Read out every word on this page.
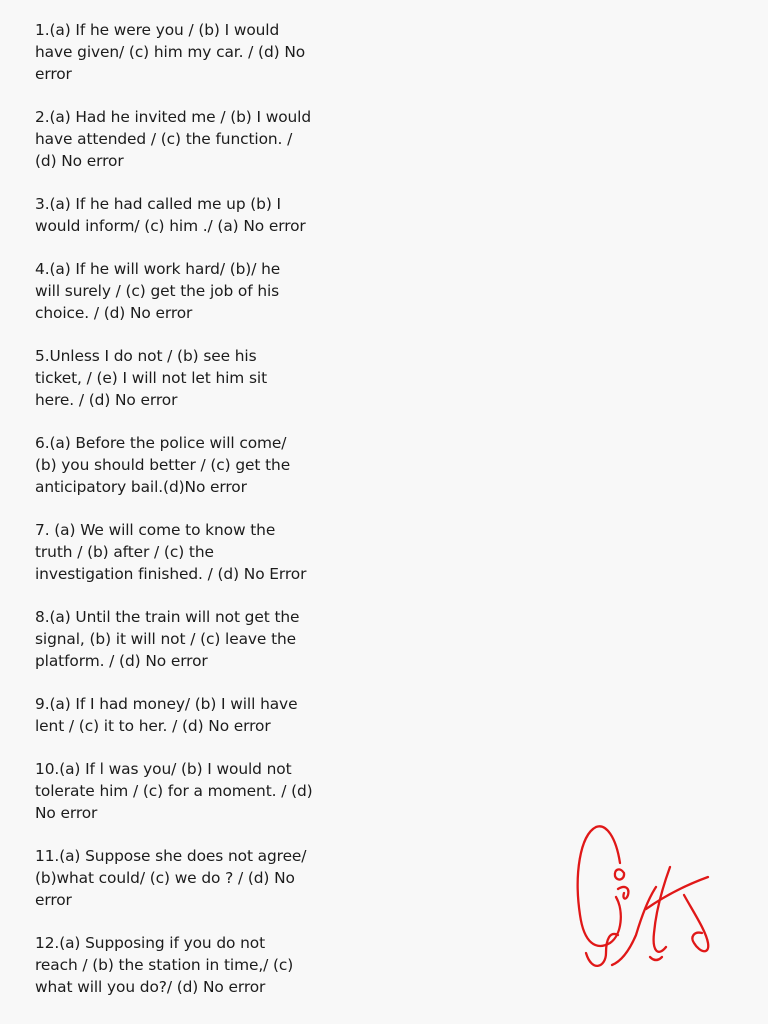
1.(a) If he were you / (b) I would
have given/ (c) him my car. / (d) No
error

2.(a) Had he invited me / (b) I would
have attended / (c) the function. /
(d) No error

3.(a) If he had called me up (b) I
would inform/ (c) him ./ (a) No error

4.(a) If he will work hard/ (b)/ he
will surely / (c) get the job of his
choice. / (d) No error

5.Unless I do not / (b) see his
ticket, / (e) I will not let him sit
here. / (d) No error

6.(a) Before the police will come/
(b) you should better / (c) get the
anticipatory bail.(d)No error

7. (a) We will come to know the
truth / (b) after / (c) the
investigation finished. / (d) No Error

8.(a) Until the train will not get the
signal, (b) it will not / (c) leave the
platform. / (d) No error

9.(a) If I had money/ (b) I will have
lent / (c) it to her. / (d) No error

10.(a) If l was you/ (b) I would not
tolerate him / (c) for a moment. / (d)
No error

11.(a) Suppose she does not agree/
(b)what could/ (c) we do ? / (d) No
error

12.(a) Supposing if you do not
reach / (b) the station in time,/ (c)
what will you do?/ (d) No error
